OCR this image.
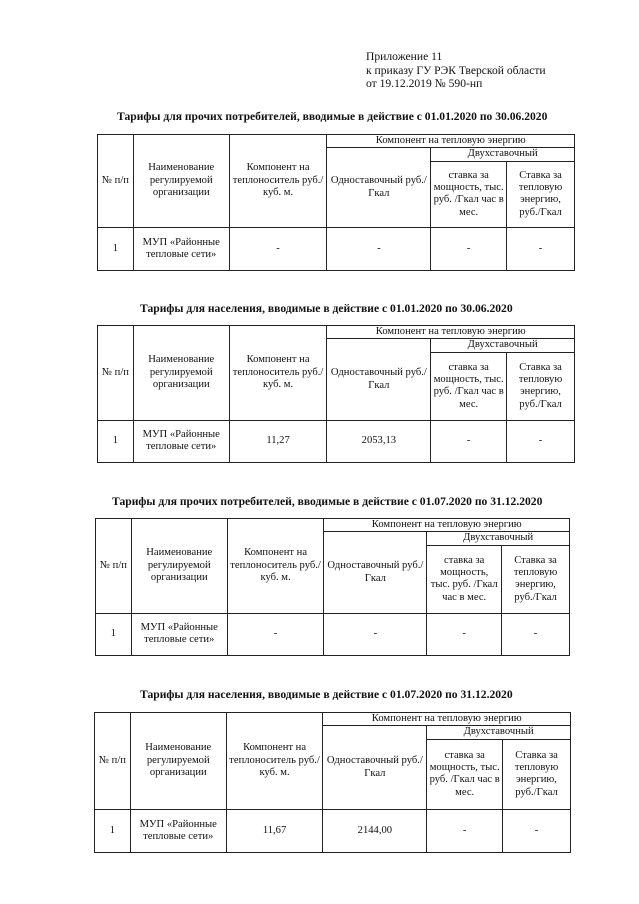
Приложение 11
к приказу ГУ РЭК Тверской области
от 19.12.2019 № 590-нп
Тарифы для прочих потребителей, вводимые в действие с 01.01.2020 по 30.06.2020
№ п/п	Наименование регулируемой организации	Компонент на теплоноситель руб./куб. м.	Компонент на тепловую энергию		
			Одноставочный руб./Гкал	Двухставочный	
				ставка за мощность, тыс. руб. /Гкал час в мес.	Ставка за тепловую энергию, руб./Гкал
1	МУП «Районные тепловые сети»	-	-	-	-
Тарифы для населения, вводимые в действие с 01.01.2020 по 30.06.2020
№ п/п	Наименование регулируемой организации	Компонент на теплоноситель руб./куб. м.	Компонент на тепловую энергию		
			Одноставочный руб./Гкал	Двухставочный	
				ставка за мощность, тыс. руб. /Гкал час в мес.	Ставка за тепловую энергию, руб./Гкал
1	МУП «Районные тепловые сети»	11,27	2053,13	-	-
Тарифы для прочих потребителей, вводимые в действие с 01.07.2020 по 31.12.2020
№ п/п	Наименование регулируемой организации	Компонент на теплоноситель руб./куб. м.	Компонент на тепловую энергию		
			Одноставочный руб./Гкал	Двухставочный	
				ставка за мощность, тыс. руб. /Гкал час в мес.	Ставка за тепловую энергию, руб./Гкал
1	МУП «Районные тепловые сети»	-	-	-	-
Тарифы для населения, вводимые в действие с 01.07.2020 по 31.12.2020
№ п/п	Наименование регулируемой организации	Компонент на теплоноситель руб./куб. м.	Компонент на тепловую энергию		
			Одноставочный руб./Гкал	Двухставочный	
				ставка за мощность, тыс. руб. /Гкал час в мес.	Ставка за тепловую энергию, руб./Гкал
1	МУП «Районные тепловые сети»	11,67	2144,00	-	-
